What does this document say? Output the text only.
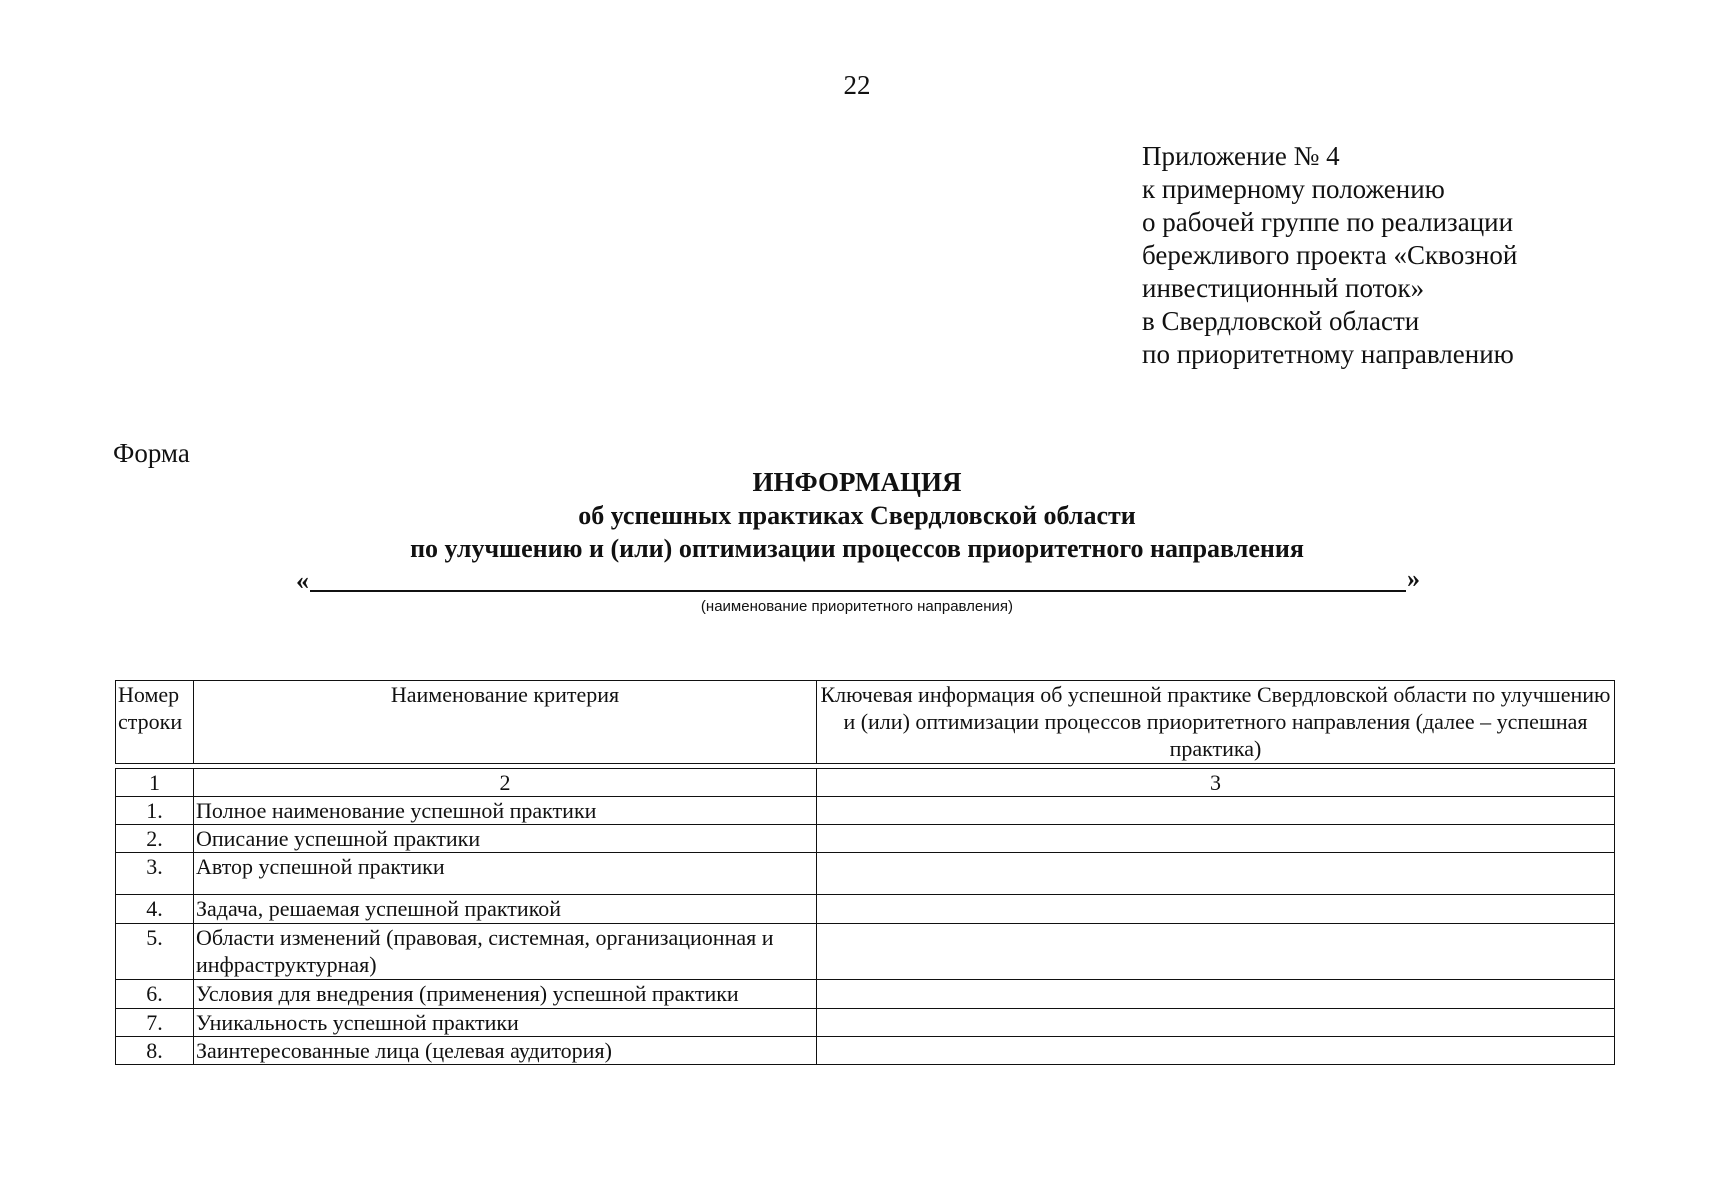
22
Приложение № 4
к примерному положению
о рабочей группе по реализации
бережливого проекта «Сквозной
инвестиционный поток»
в Свердловской области
по приоритетному направлению
Форма
ИНФОРМАЦИЯ
об успешных практиках Свердловской области
по улучшению и (или) оптимизации процессов приоритетного направления
«	»
(наименование приоритетного направления)
Номер строки	Наименование критерия	Ключевая информация об успешной практике Свердловской области по улучшению и (или) оптимизации процессов приоритетного направления (далее – успешная практика)
1	2	3
1.	Полное наименование успешной практики	
2.	Описание успешной практики	
3.	Автор успешной практики	
4.	Задача, решаемая успешной практикой	
5.	Области изменений (правовая, системная, организационная и инфраструктурная)	
6.	Условия для внедрения (применения) успешной практики	
7.	Уникальность успешной практики	
8.	Заинтересованные лица (целевая аудитория)	
